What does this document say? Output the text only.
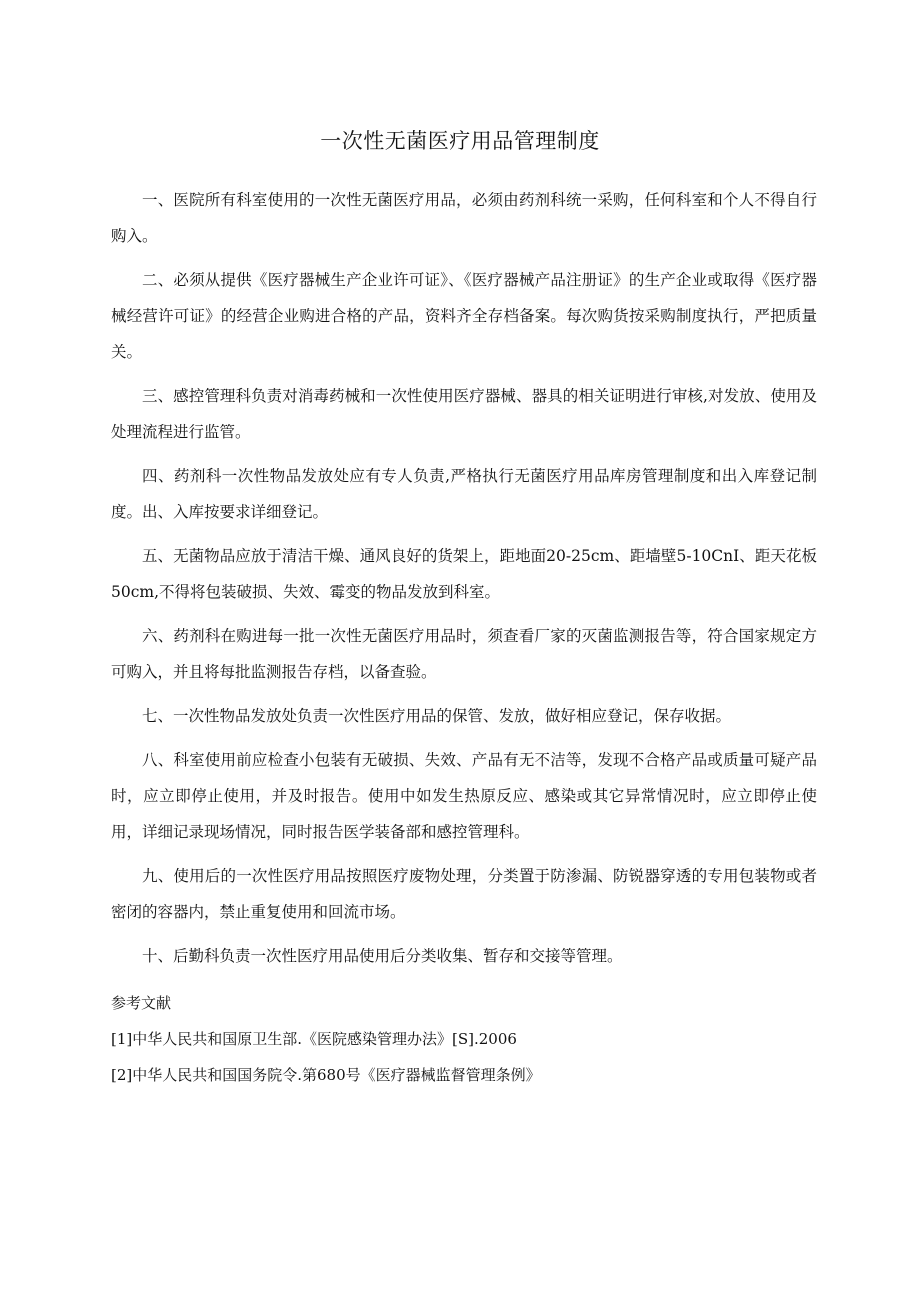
一次性无菌医疗用品管理制度

一、医院所有科室使用的一次性无菌医疗用品，必须由药剂科统一采购，任何科室和个人不得自行购入。

二、必须从提供《医疗器械生产企业许可证》、《医疗器械产品注册证》的生产企业或取得《医疗器械经营许可证》的经营企业购进合格的产品，资料齐全存档备案。每次购货按采购制度执行，严把质量关。

三、感控管理科负责对消毒药械和一次性使用医疗器械、器具的相关证明进行审核,对发放、使用及处理流程进行监管。

四、药剂科一次性物品发放处应有专人负责,严格执行无菌医疗用品库房管理制度和出入库登记制度。出、入库按要求详细登记。

五、无菌物品应放于清洁干燥、通风良好的货架上，距地面20-25cm、距墙壁5-10CnI、距天花板50cm,不得将包装破损、失效、霉变的物品发放到科室。

六、药剂科在购进每一批一次性无菌医疗用品时，须查看厂家的灭菌监测报告等，符合国家规定方可购入，并且将每批监测报告存档，以备查验。

七、一次性物品发放处负责一次性医疗用品的保管、发放，做好相应登记，保存收据。

八、科室使用前应检查小包装有无破损、失效、产品有无不洁等，发现不合格产品或质量可疑产品时，应立即停止使用，并及时报告。使用中如发生热原反应、感染或其它异常情况时，应立即停止使用，详细记录现场情况，同时报告医学装备部和感控管理科。

九、使用后的一次性医疗用品按照医疗废物处理，分类置于防渗漏、防锐器穿透的专用包装物或者密闭的容器内，禁止重复使用和回流市场。

十、后勤科负责一次性医疗用品使用后分类收集、暂存和交接等管理。

参考文献

[1]中华人民共和国原卫生部.《医院感染管理办法》[S].2006

[2]中华人民共和国国务院令.第680号《医疗器械监督管理条例》
